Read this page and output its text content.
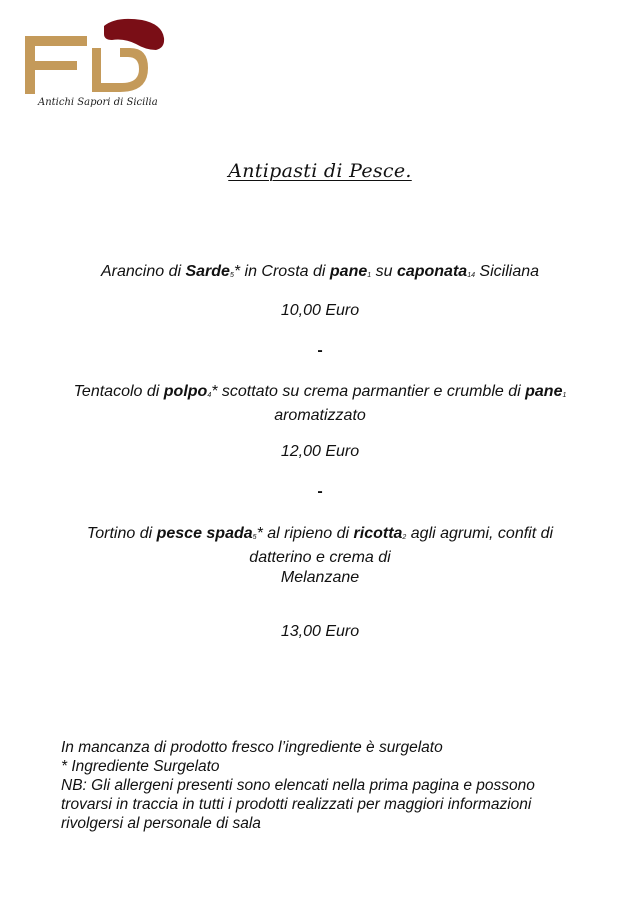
Antichi Sapori di Sicilia
Antipasti di Pesce.
Arancino di Sarde$_5$* in Crosta di pane$_1$ su caponata$_{14}$ Siciliana
10,00 Euro
-
Tentacolo di polpo$_4$* scottato su crema parmantier e crumble di pane$_1$ aromatizzato
12,00 Euro
-
Tortino di pesce spada$_5$* al ripieno di ricotta$_2$ agli agrumi, confit di datterino e crema di
Melanzane
13,00 Euro
In mancanza di prodotto fresco l’ingrediente è surgelato
* Ingrediente Surgelato
NB: Gli allergeni presenti sono elencati nella prima pagina e possono
trovarsi in traccia in tutti i prodotti realizzati per maggiori informazioni
rivolgersi al personale di sala
